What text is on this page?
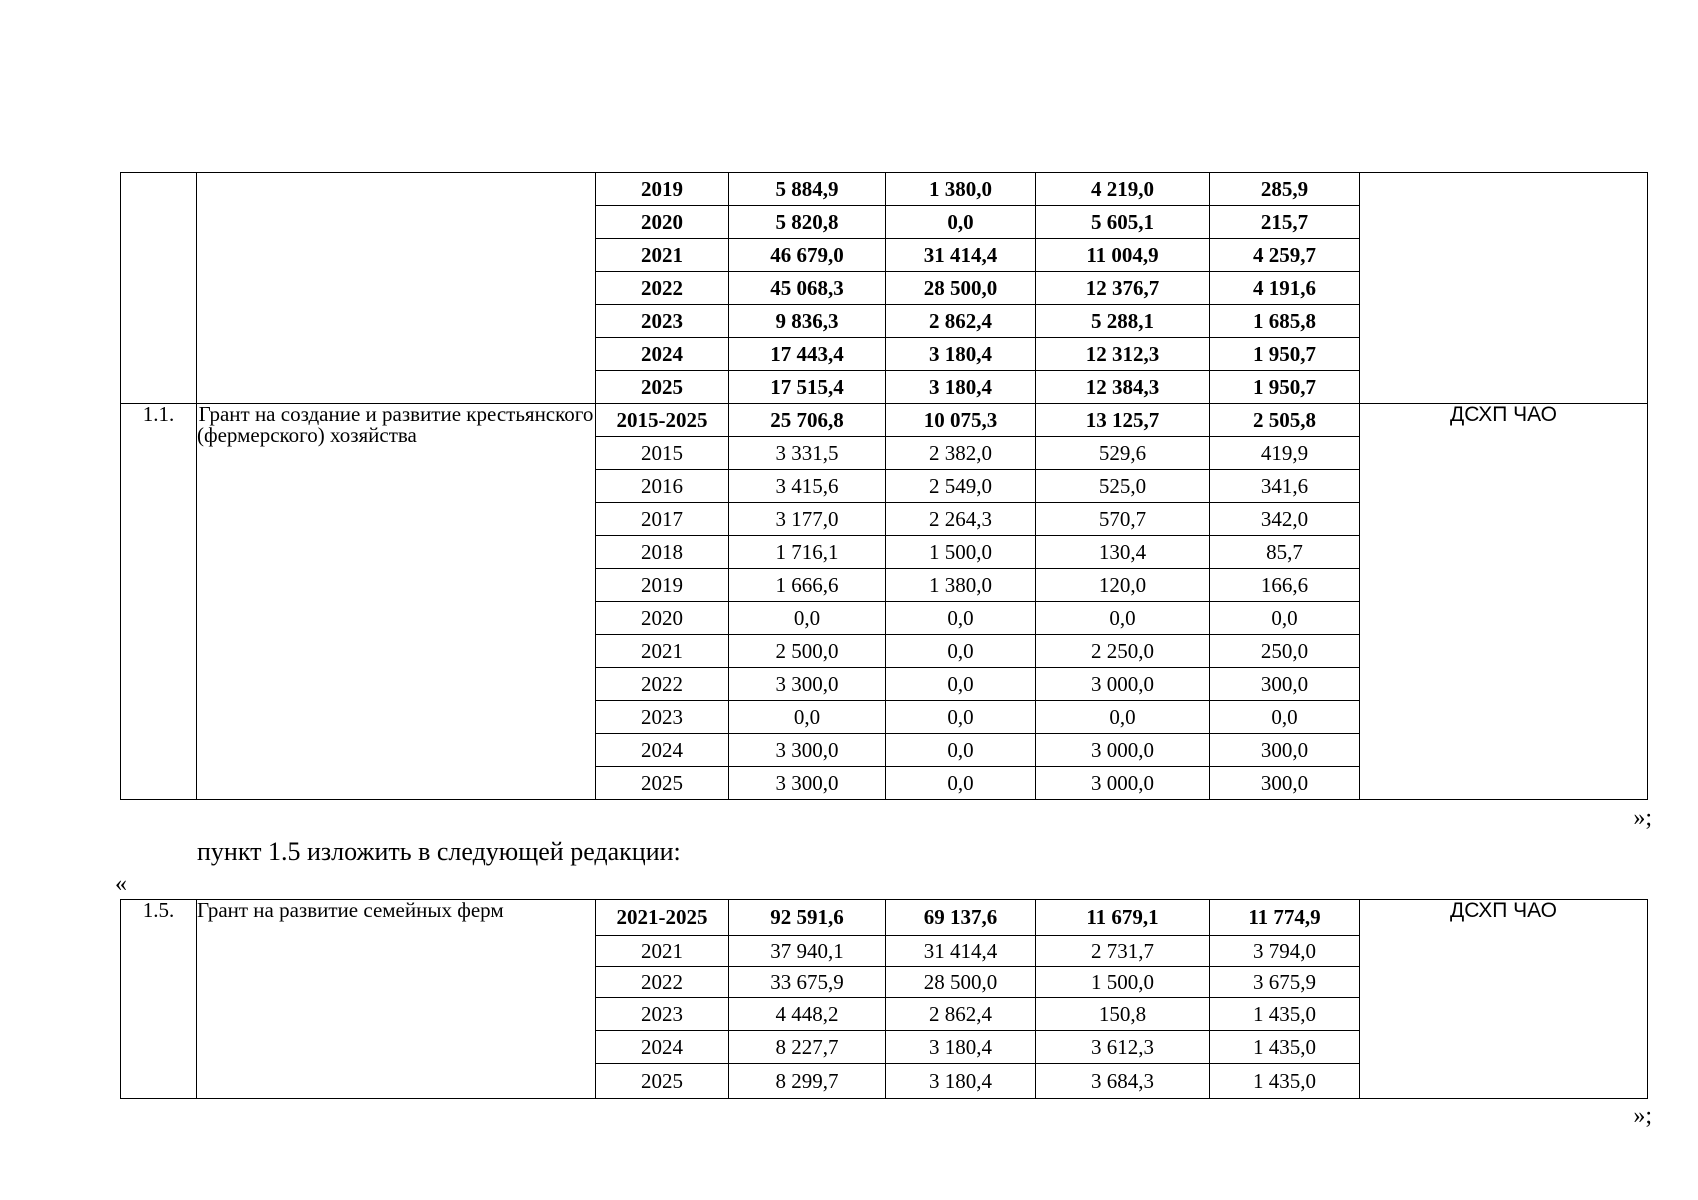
		2019	5 884,9	1 380,0	4 219,0	285,9	
		2020	5 820,8	0,0	5 605,1	215,7	
		2021	46 679,0	31 414,4	11 004,9	4 259,7	
		2022	45 068,3	28 500,0	12 376,7	4 191,6	
		2023	9 836,3	2 862,4	5 288,1	1 685,8	
		2024	17 443,4	3 180,4	12 312,3	1 950,7	
		2025	17 515,4	3 180,4	12 384,3	1 950,7	
1.1.	Грант на создание и развитие крестьянского (фермерского) хозяйства	2015-2025	25 706,8	10 075,3	13 125,7	2 505,8	ДСХП ЧАО
		2015	3 331,5	2 382,0	529,6	419,9	
		2016	3 415,6	2 549,0	525,0	341,6	
		2017	3 177,0	2 264,3	570,7	342,0	
		2018	1 716,1	1 500,0	130,4	85,7	
		2019	1 666,6	1 380,0	120,0	166,6	
		2020	0,0	0,0	0,0	0,0	
		2021	2 500,0	0,0	2 250,0	250,0	
		2022	3 300,0	0,0	3 000,0	300,0	
		2023	0,0	0,0	0,0	0,0	
		2024	3 300,0	0,0	3 000,0	300,0	
		2025	3 300,0	0,0	3 000,0	300,0	
»;
пункт 1.5 изложить в следующей редакции:
«
1.5.	Грант на развитие семейных ферм	2021-2025	92 591,6	69 137,6	11 679,1	11 774,9	ДСХП ЧАО
		2021	37 940,1	31 414,4	2 731,7	3 794,0	
		2022	33 675,9	28 500,0	1 500,0	3 675,9	
		2023	4 448,2	2 862,4	150,8	1 435,0	
		2024	8 227,7	3 180,4	3 612,3	1 435,0	
		2025	8 299,7	3 180,4	3 684,3	1 435,0	
»;
